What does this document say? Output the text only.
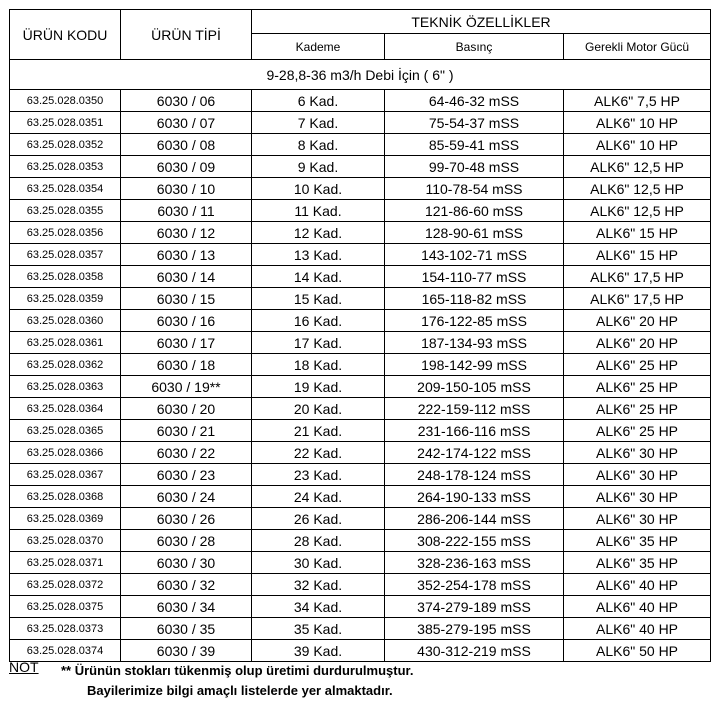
ÜRÜN KODU	ÜRÜN TİPİ	TEKNİK ÖZELLİKLER		
		Kademe	Basınç	Gerekli Motor Gücü
9-28,8-36 m3/h Debi İçin ( 6" )				
63.25.028.0350	6030 / 06	6 Kad.	64-46-32 mSS	ALK6" 7,5 HP
63.25.028.0351	6030 / 07	7 Kad.	75-54-37 mSS	ALK6" 10 HP
63.25.028.0352	6030 / 08	8 Kad.	85-59-41 mSS	ALK6" 10 HP
63.25.028.0353	6030 / 09	9 Kad.	99-70-48 mSS	ALK6" 12,5 HP
63.25.028.0354	6030 / 10	10 Kad.	110-78-54 mSS	ALK6" 12,5 HP
63.25.028.0355	6030 / 11	11 Kad.	121-86-60 mSS	ALK6" 12,5 HP
63.25.028.0356	6030 / 12	12 Kad.	128-90-61 mSS	ALK6" 15 HP
63.25.028.0357	6030 / 13	13 Kad.	143-102-71 mSS	ALK6" 15 HP
63.25.028.0358	6030 / 14	14 Kad.	154-110-77 mSS	ALK6" 17,5 HP
63.25.028.0359	6030 / 15	15 Kad.	165-118-82 mSS	ALK6" 17,5 HP
63.25.028.0360	6030 / 16	16 Kad.	176-122-85 mSS	ALK6" 20 HP
63.25.028.0361	6030 / 17	17 Kad.	187-134-93 mSS	ALK6" 20 HP
63.25.028.0362	6030 / 18	18 Kad.	198-142-99 mSS	ALK6" 25 HP
63.25.028.0363	6030 / 19**	19 Kad.	209-150-105 mSS	ALK6" 25 HP
63.25.028.0364	6030 / 20	20 Kad.	222-159-112 mSS	ALK6" 25 HP
63.25.028.0365	6030 / 21	21 Kad.	231-166-116 mSS	ALK6" 25 HP
63.25.028.0366	6030 / 22	22 Kad.	242-174-122 mSS	ALK6" 30 HP
63.25.028.0367	6030 / 23	23 Kad.	248-178-124 mSS	ALK6" 30 HP
63.25.028.0368	6030 / 24	24 Kad.	264-190-133 mSS	ALK6" 30 HP
63.25.028.0369	6030 / 26	26 Kad.	286-206-144 mSS	ALK6" 30 HP
63.25.028.0370	6030 / 28	28 Kad.	308-222-155 mSS	ALK6" 35 HP
63.25.028.0371	6030 / 30	30 Kad.	328-236-163 mSS	ALK6" 35 HP
63.25.028.0372	6030 / 32	32 Kad.	352-254-178 mSS	ALK6" 40 HP
63.25.028.0375	6030 / 34	34 Kad.	374-279-189 mSS	ALK6" 40 HP
63.25.028.0373	6030 / 35	35 Kad.	385-279-195 mSS	ALK6" 40 HP
63.25.028.0374	6030 / 39	39 Kad.	430-312-219 mSS	ALK6" 50 HP
NOT ** Ürünün stokları tükenmiş olup üretimi durdurulmuştur.
Bayilerimize bilgi amaçlı listelerde yer almaktadır.
